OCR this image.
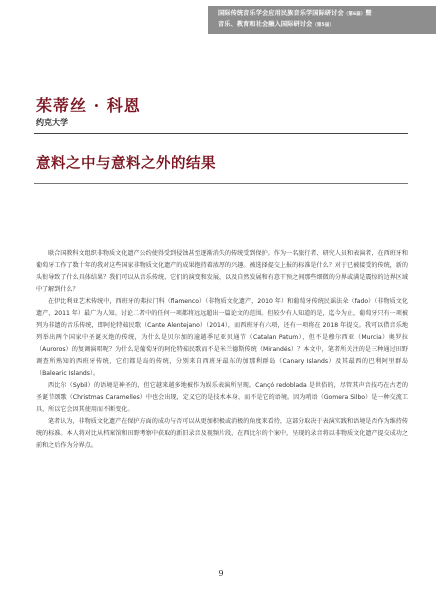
国际传统音乐学会应用民族音乐学国际研讨会（第6届）暨
音乐、教育和社会融入国际研讨会（第5届）
茱蒂丝 · 科恩
约克大学
意料之中与意料之外的结果

联合国教科文组织非物质文化遗产公约使得受到侵蚀甚至逐渐消失的传统受到保护。作为一名旅行者、研究人员和表演者，在西班牙和葡萄牙工作了数十年的我对这些国家非物质文化遗产的成果抱持着浓厚的兴趣。被选择提交上报的标准是什么？对于已被接受的传统，新的头衔导致了什么具体结果？我们可以从音乐传统、它们的演变和发展，以及自然发展和有意干预之间那些细微的分界或满是震惊的边界区域中了解到什么？

在伊比利亚艺术传统中，西班牙的弗拉门科（flamenco）（非物质文化遗产，2010 年）和葡萄牙传统民谣法朵（fado）（非物质文化遗产，2011 年）最广为人知。讨论二者中的任何一项都将远远超出一篇论文的范围。但较少有人知道的是，迄今为止，葡萄牙只有一项被列为非遗的音乐传统，即阿伦特茹民歌（Cante Alentejano）（2014），而西班牙有六项，还有一项将在 2018 年提交。我可以借音乐地列举出两个国家中圣诞灭绝的传统，为什么是贝尔加的逾越季尼亚贝通节（Catalan Patum），但不是穆尔西亚（Murcia）奥罗拉（Auroros）的复调演唱呢？为什么是葡萄牙的阿伦特茹民歌而不是米兰德斯传统（Mirandés）？本文中，笔者所关注的是三种通过田野调查所熟知的西班牙传统，它们都是岛的传统，分别来自西班牙最东的加那利群岛（Canary Islands）及其最西的巴利阿里群岛（Balearic Islands）。

西比尔（Sybil）的语境是神圣的，但它越来越多地被作为娱乐表演所呈现。Cançó redoblada 是世俗的，尽管其声音技巧在古老的圣诞节颂歌（Christmas Caramelles）中也会出现，定义它的是技术本身，而不是它的语境。因为哨语（Gomera Silbo）是一种交流工具，所以它会因其使用而不断变化。

笔者认为，非物质文化遗产在保护方面的成功与否可以从更加积极或消极的角度来看待，这部分取决于表演实践和语境是否作为维持传统的标准。本人将对比从档案馆和田野考察中获取的新旧录音及视频片段，在西比尔的个案中，呈现的录音将以非物质文化遗产提交成功之前和之后作为分界点。

9
